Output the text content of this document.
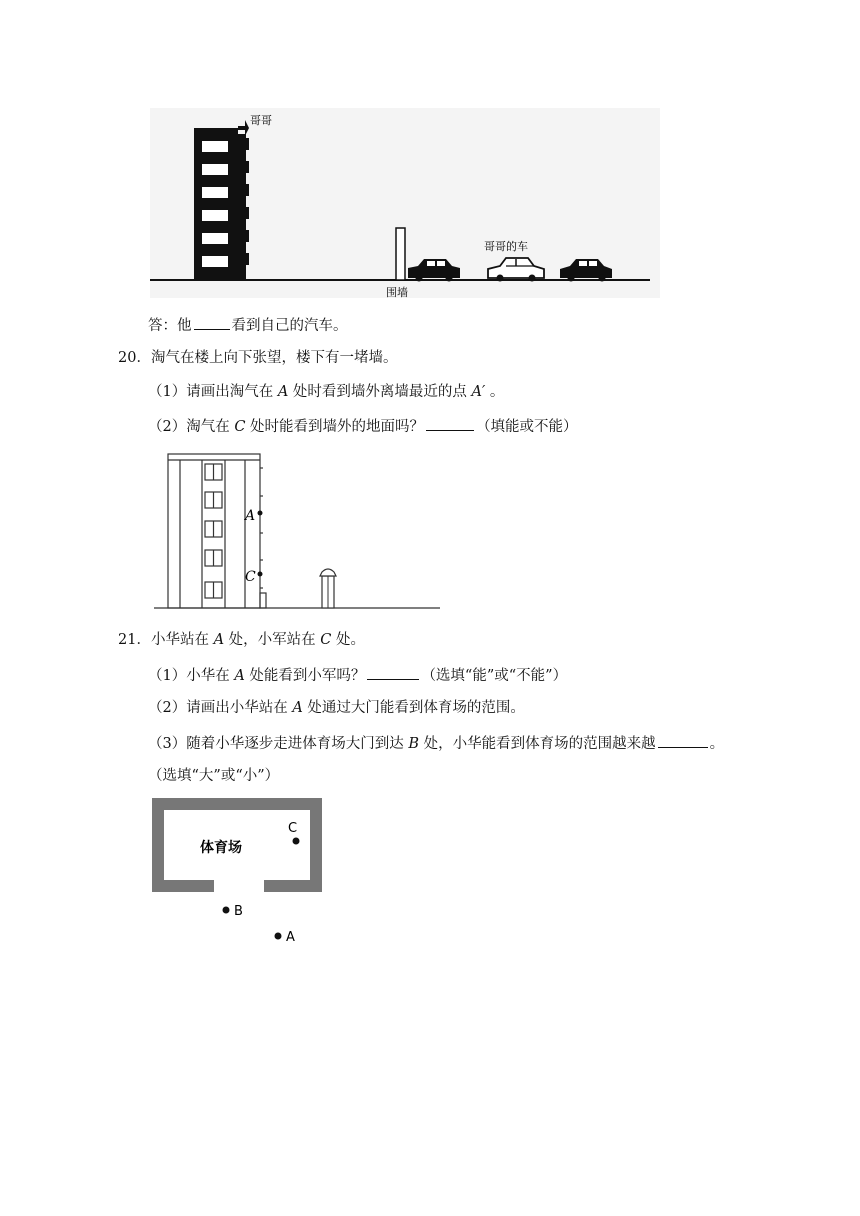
哥哥
围墙
哥哥的车
答：他	看到自己的汽车。
20．淘气在楼上向下张望，楼下有一堵墙。
（1）请画出淘气在 A 处时看到墙外离墙最近的点 A′ 。
（2）淘气在 C 处时能看到墙外的地面吗？	（填能或不能）
A
C
21．小华站在 A 处，小军站在 C 处。
（1）小华在 A 处能看到小军吗？	（选填“能”或“不能”）
（2）请画出小华站在 A 处通过大门能看到体育场的范围。
（3）随着小华逐步走进体育场大门到达 B 处，小华能看到体育场的范围越来越	。
（选填“大”或“小”）
体育场
C
B
A
